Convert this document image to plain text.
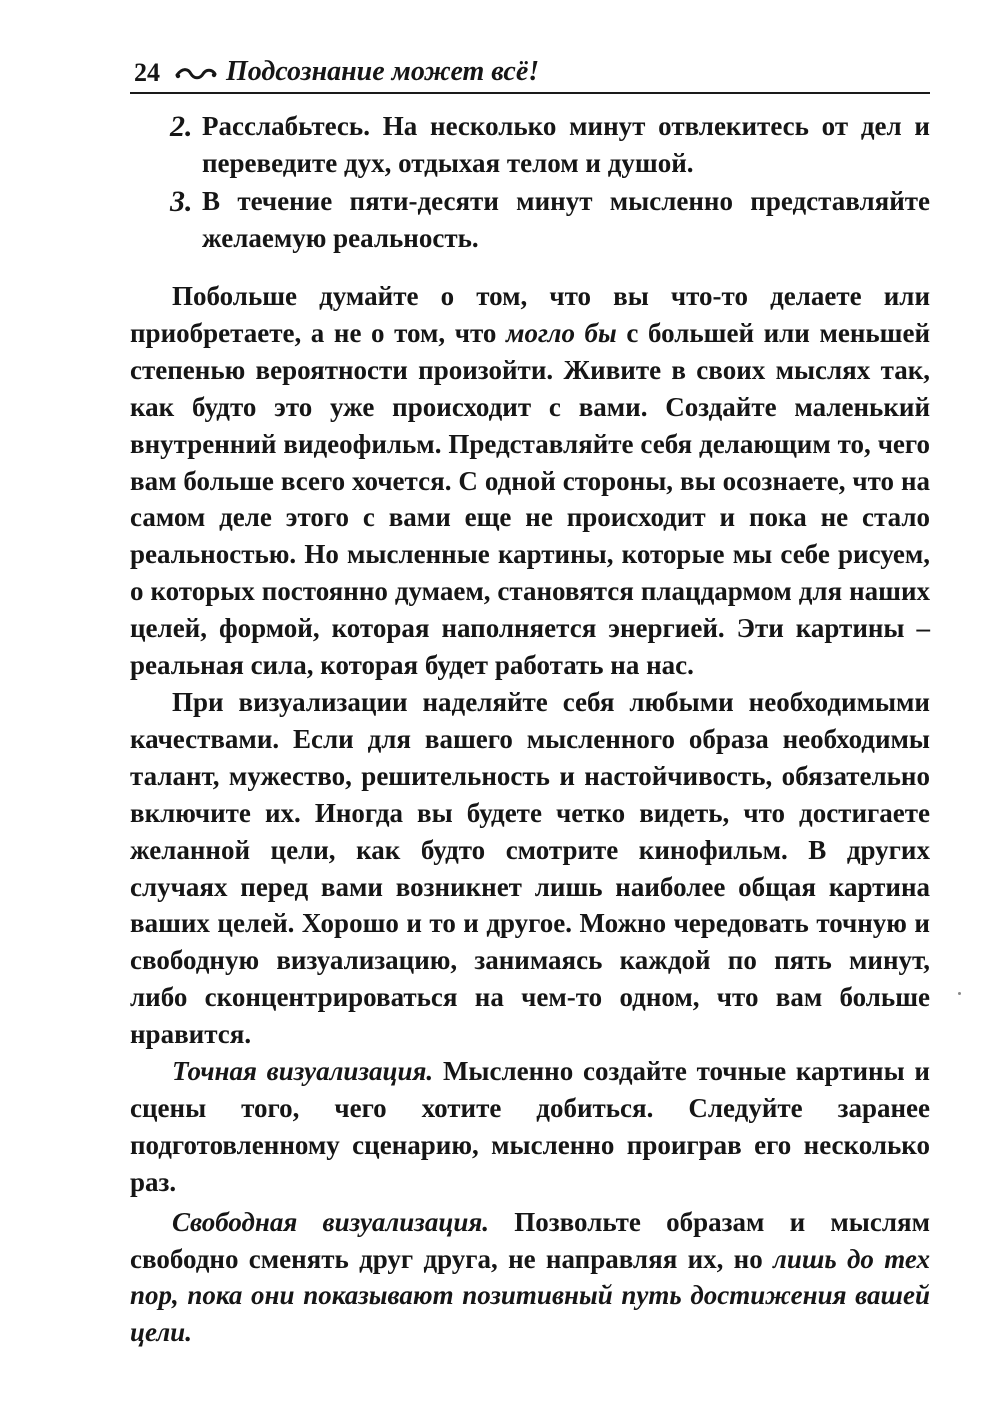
24 Подсознание может всё!
2. Расслабьтесь. На несколько минут отвлекитесь от дел и переведите дух, отдыхая телом и душой.
3. В течение пяти-десяти минут мысленно представляйте желаемую реальность.

Побольше думайте о том, что вы что-то делаете или приобретаете, а не о том, что могло бы с большей или меньшей степенью вероятности произойти. Живите в своих мыслях так, как будто это уже происходит с вами. Создайте маленький внутренний видеофильм. Представляйте себя делающим то, чего вам больше всего хочется. С одной стороны, вы осознаете, что на самом деле этого с вами еще не происходит и пока не стало реальностью. Но мысленные картины, которые мы себе рисуем, о которых постоянно думаем, становятся плацдармом для наших целей, формой, которая наполняется энергией. Эти картины – реальная сила, которая будет работать на нас.

При визуализации наделяйте себя любыми необходимыми качествами. Если для вашего мысленного образа необходимы талант, мужество, решительность и настойчивость, обязательно включите их. Иногда вы будете четко видеть, что достигаете желанной цели, как будто смотрите кинофильм. В других случаях перед вами возникнет лишь наиболее общая картина ваших целей. Хорошо и то и другое. Можно чередовать точную и свободную визуализацию, занимаясь каждой по пять минут, либо сконцентрироваться на чем-то одном, что вам больше нравится.

Точная визуализация. Мысленно создайте точные картины и сцены того, чего хотите добиться. Следуйте заранее подготовленному сценарию, мысленно проиграв его несколько раз.

Свободная визуализация. Позвольте образам и мыслям свободно сменять друг друга, не направляя их, но лишь до тех пор, пока они показывают позитивный путь достижения вашей цели.
